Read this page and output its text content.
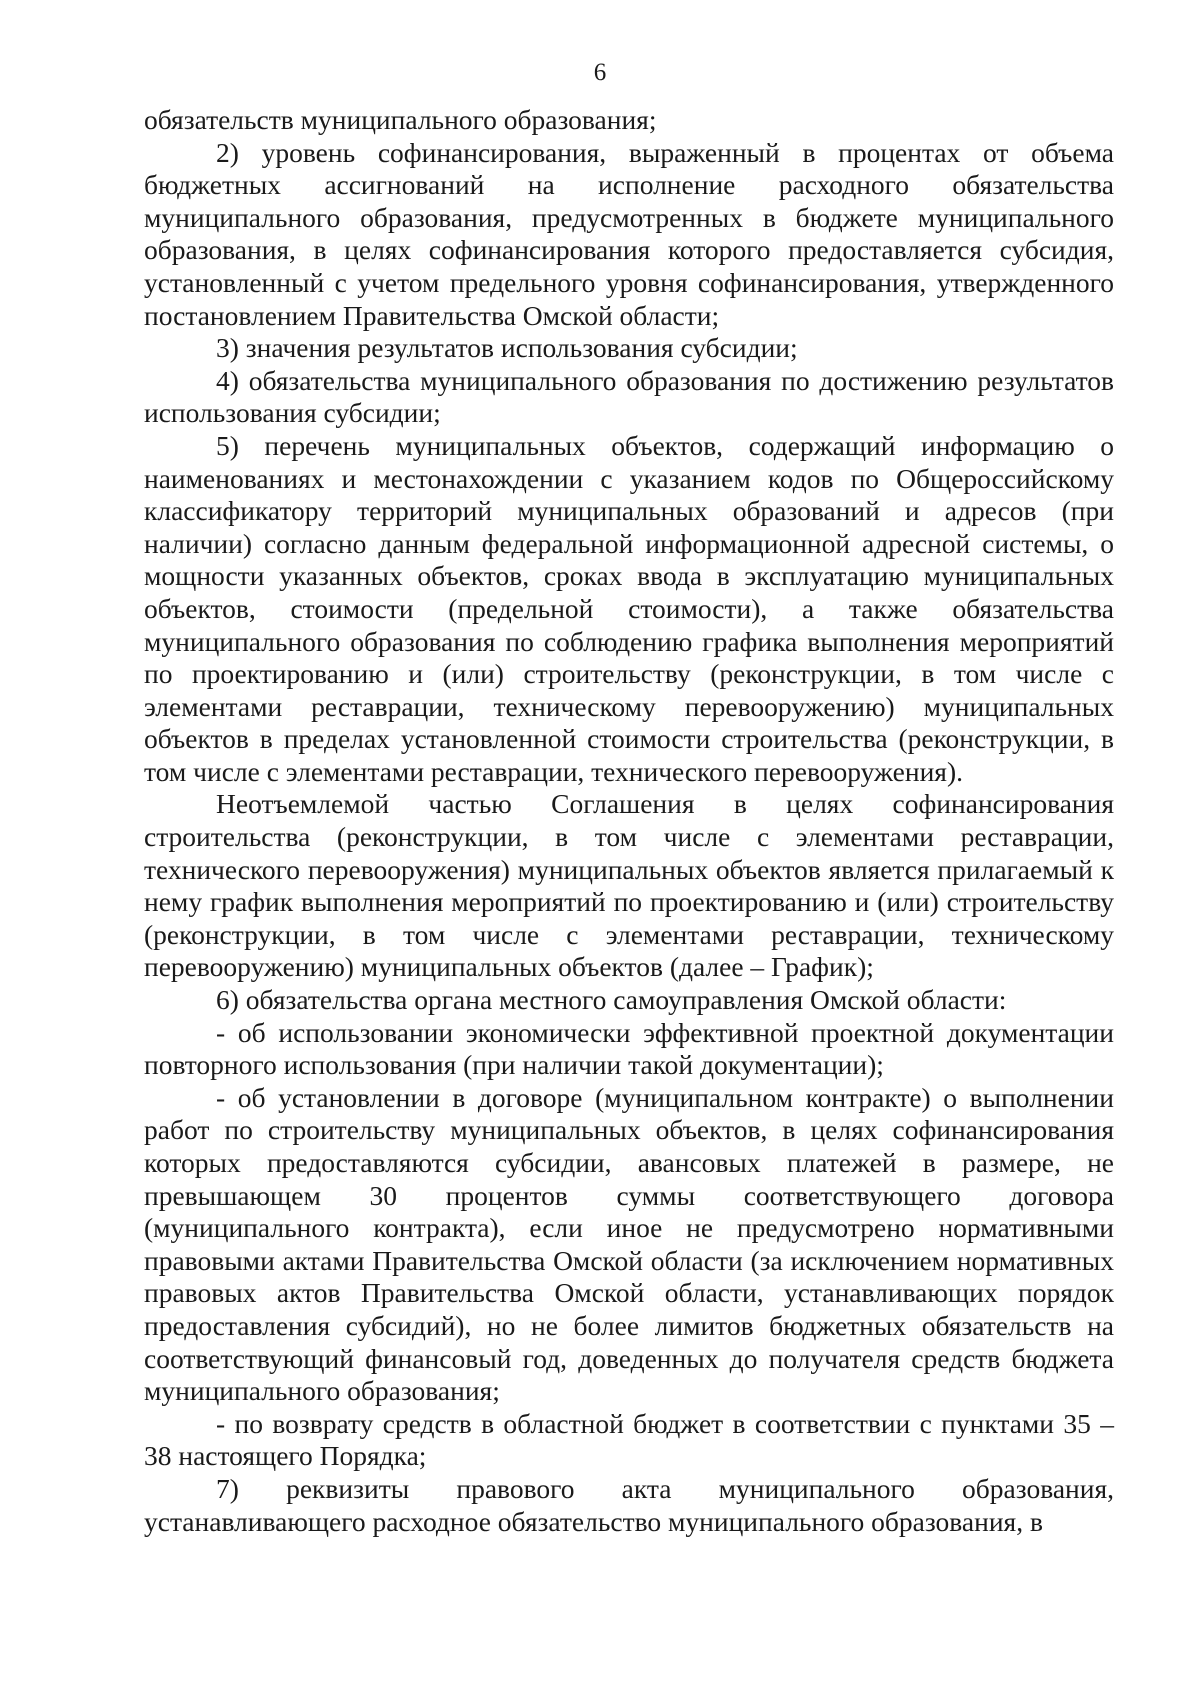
6

обязательств муниципального образования;

2) уровень софинансирования, выраженный в процентах от объема бюджетных ассигнований на исполнение расходного обязательства муниципального образования, предусмотренных в бюджете муниципального образования, в целях софинансирования которого предоставляется субсидия, установленный с учетом предельного уровня софинансирования, утвержденного постановлением Правительства Омской области;

3) значения результатов использования субсидии;

4) обязательства муниципального образования по достижению результатов использования субсидии;

5) перечень муниципальных объектов, содержащий информацию о наименованиях и местонахождении с указанием кодов по Общероссийскому классификатору территорий муниципальных образований и адресов (при наличии) согласно данным федеральной информационной адресной системы, о мощности указанных объектов, сроках ввода в эксплуатацию муниципальных объектов, стоимости (предельной стоимости), а также обязательства муниципального образования по соблюдению графика выполнения мероприятий по проектированию и (или) строительству (реконструкции, в том числе с элементами реставрации, техническому перевооружению) муниципальных объектов в пределах установленной стоимости строительства (реконструкции, в том числе с элементами реставрации, технического перевооружения).

Неотъемлемой частью Соглашения в целях софинансирования строительства (реконструкции, в том числе с элементами реставрации, технического перевооружения) муниципальных объектов является прилагаемый к нему график выполнения мероприятий по проектированию и (или) строительству (реконструкции, в том числе с элементами реставрации, техническому перевооружению) муниципальных объектов (далее – График);

6) обязательства органа местного самоуправления Омской области:

- об использовании экономически эффективной проектной документации повторного использования (при наличии такой документации);

- об установлении в договоре (муниципальном контракте) о выполнении работ по строительству муниципальных объектов, в целях софинансирования которых предоставляются субсидии, авансовых платежей в размере, не превышающем 30 процентов суммы соответствующего договора (муниципального контракта), если иное не предусмотрено нормативными правовыми актами Правительства Омской области (за исключением нормативных правовых актов Правительства Омской области, устанавливающих порядок предоставления субсидий), но не более лимитов бюджетных обязательств на соответствующий финансовый год, доведенных до получателя средств бюджета муниципального образования;

- по возврату средств в областной бюджет в соответствии с пунктами 35 – 38 настоящего Порядка;

7) реквизиты правового акта муниципального образования, устанавливающего расходное обязательство муниципального образования, в
